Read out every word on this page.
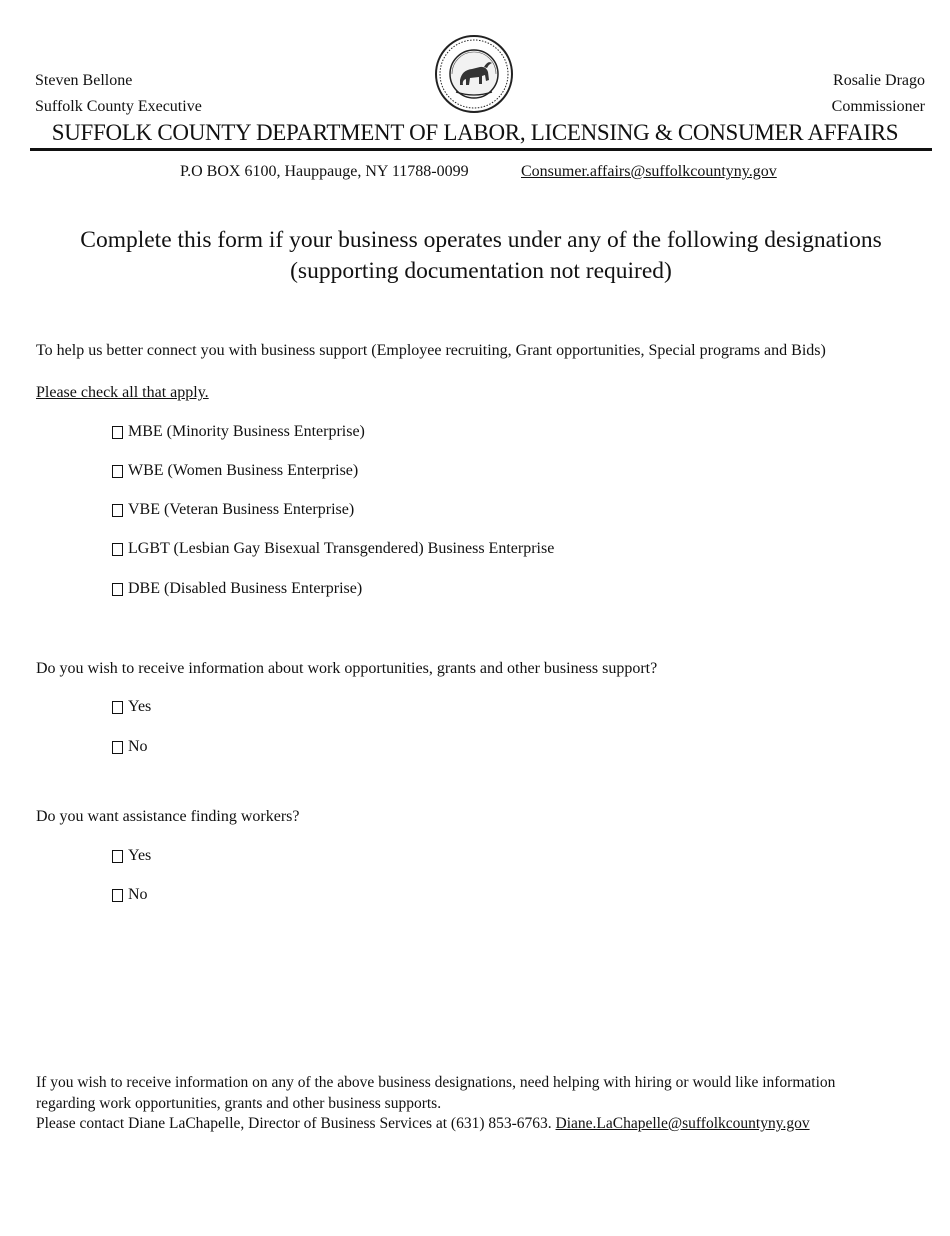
Steven Bellone
Suffolk County Executive
Rosalie Drago
Commissioner
SUFFOLK COUNTY DEPARTMENT OF LABOR, LICENSING & CONSUMER AFFAIRS
P.O BOX 6100, Hauppauge, NY 11788-0099	Consumer.affairs@suffolkcountyny.gov
Complete this form if your business operates under any of the following designations
(supporting documentation not required)
To help us better connect you with business support (Employee recruiting, Grant opportunities, Special programs and Bids)
Please check all that apply.
MBE (Minority Business Enterprise)
WBE (Women Business Enterprise)
VBE (Veteran Business Enterprise)
LGBT (Lesbian Gay Bisexual Transgendered) Business Enterprise
DBE (Disabled Business Enterprise)
Do you wish to receive information about work opportunities, grants and other business support?
Yes
No
Do you want assistance finding workers?
Yes
No
If you wish to receive information on any of the above business designations, need helping with hiring or would like information
regarding work opportunities, grants and other business supports.
Please contact Diane LaChapelle, Director of Business Services at (631) 853-6763. Diane.LaChapelle@suffolkcountyny.gov
